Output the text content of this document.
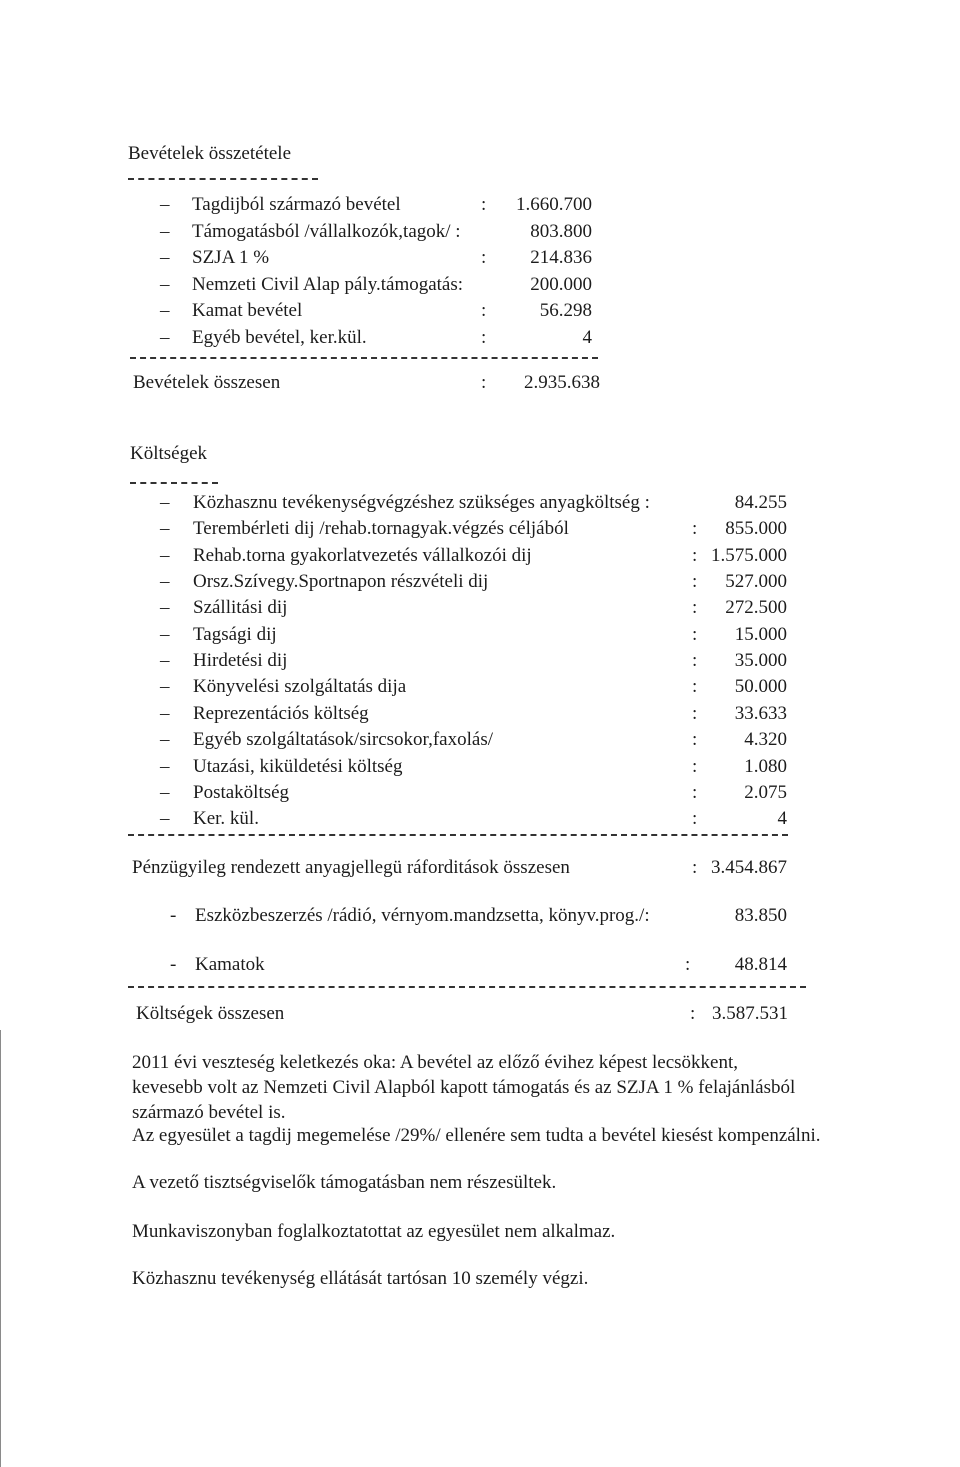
Bevételek összetétele
– Tagdijból származó bevétel	: 1.660.700
– Támogatásból /vállalkozók,tagok/ :	803.800
– SZJA 1 %	: 214.836
– Nemzeti Civil Alap pály.támogatás:	200.000
– Kamat bevétel	:	56.298
– Egyéb bevétel, ker.kül.	:	4
Bevételek összesen	: 2.935.638
Költségek
– Közhasznu tevékenységvégzéshez szükséges anyagköltség :	84.255
– Terembérleti dij /rehab.tornagyak.végzés céljából	: 855.000
– Rehab.torna gyakorlatvezetés vállalkozói dij	: 1.575.000
– Orsz.Szívegy.Sportnapon részvételi dij	: 527.000
– Szállitási dij	: 272.500
– Tagsági dij	: 15.000
– Hirdetési dij	: 35.000
– Könyvelési szolgáltatás dija	: 50.000
– Reprezentációs költség	: 33.633
– Egyéb szolgáltatások/sircsokor,faxolás/	: 4.320
– Utazási, kiküldetési költség	: 1.080
– Postaköltség	: 2.075
– Ker. kül.	:	4
Pénzügyileg rendezett anyagjellegü ráforditások összesen	: 3.454.867
- Eszközbeszerzés /rádió, vérnyom.mandzsetta, könyv.prog./:	83.850
- Kamatok	: 48.814
Költségek összesen	: 3.587.531
2011 évi veszteség keletkezés oka: A bevétel az előző évihez képest lecsökkent,
kevesebb volt az Nemzeti Civil Alapból kapott támogatás és az SZJA 1 % felajánlásból
származó bevétel is.
Az egyesület a tagdij megemelése /29%/ ellenére sem tudta a bevétel kiesést kompenzálni.
A vezető tisztségviselők támogatásban nem részesültek.
Munkaviszonyban foglalkoztatottat az egyesület nem alkalmaz.
Közhasznu tevékenység ellátását tartósan 10 személy végzi.
